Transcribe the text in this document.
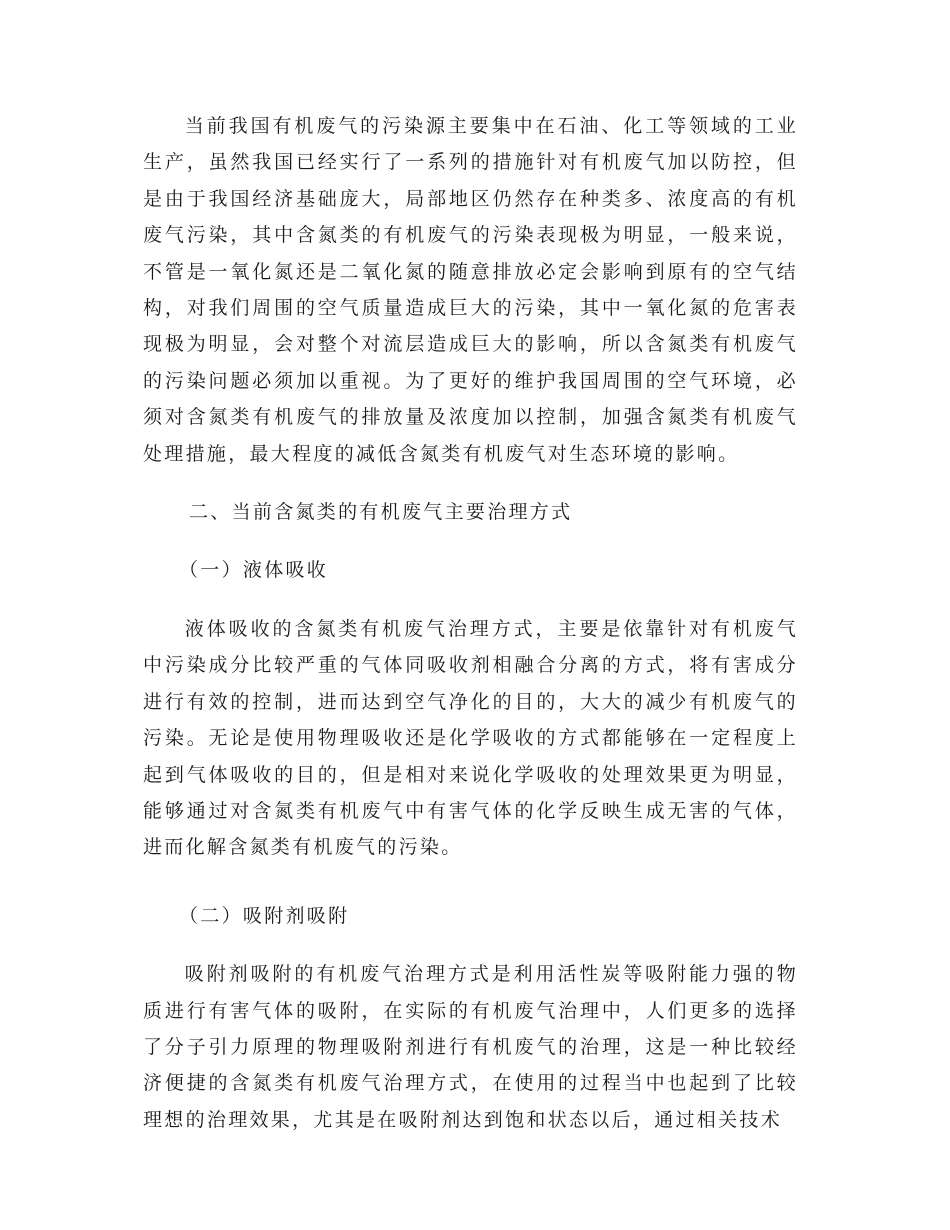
当前我国有机废气的污染源主要集中在石油、化工等领域的工业生产，虽然我国已经实行了一系列的措施针对有机废气加以防控，但是由于我国经济基础庞大，局部地区仍然存在种类多、浓度高的有机废气污染，其中含氮类的有机废气的污染表现极为明显，一般来说，不管是一氧化氮还是二氧化氮的随意排放必定会影响到原有的空气结构，对我们周围的空气质量造成巨大的污染，其中一氧化氮的危害表现极为明显，会对整个对流层造成巨大的影响，所以含氮类有机废气的污染问题必须加以重视。为了更好的维护我国周围的空气环境，必须对含氮类有机废气的排放量及浓度加以控制，加强含氮类有机废气处理措施，最大程度的减低含氮类有机废气对生态环境的影响。

二、当前含氮类的有机废气主要治理方式

（一）液体吸收

液体吸收的含氮类有机废气治理方式，主要是依靠针对有机废气中污染成分比较严重的气体同吸收剂相融合分离的方式，将有害成分进行有效的控制，进而达到空气净化的目的，大大的减少有机废气的污染。无论是使用物理吸收还是化学吸收的方式都能够在一定程度上起到气体吸收的目的，但是相对来说化学吸收的处理效果更为明显，能够通过对含氮类有机废气中有害气体的化学反映生成无害的气体，进而化解含氮类有机废气的污染。

（二）吸附剂吸附

吸附剂吸附的有机废气治理方式是利用活性炭等吸附能力强的物质进行有害气体的吸附，在实际的有机废气治理中，人们更多的选择了分子引力原理的物理吸附剂进行有机废气的治理，这是一种比较经济便捷的含氮类有机废气治理方式，在使用的过程当中也起到了比较理想的治理效果，尤其是在吸附剂达到饱和状态以后，通过相关技术
